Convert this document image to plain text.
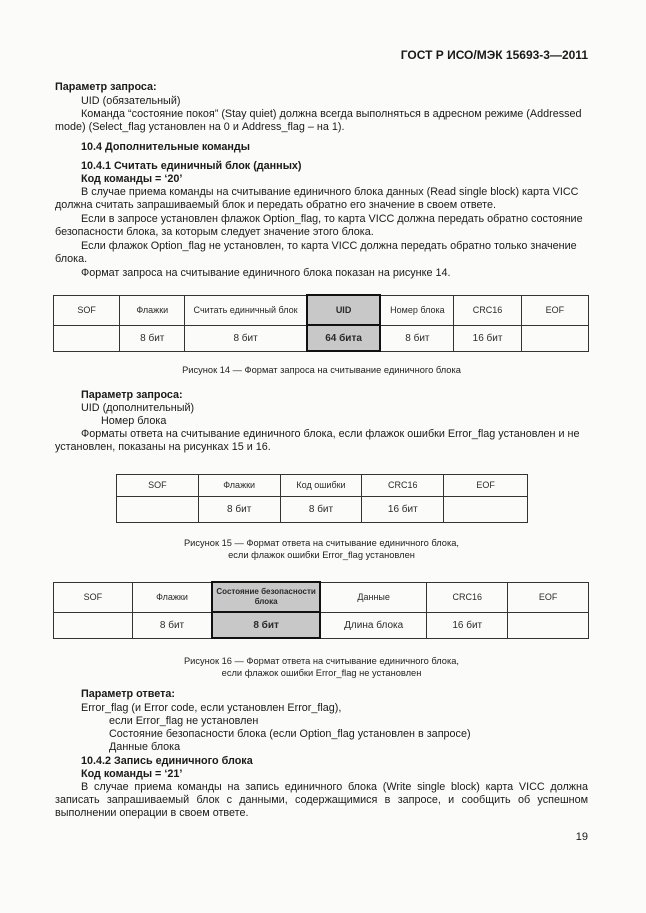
ГОСТ Р ИСО/МЭК 15693-3—2011

Параметр запроса:

UID (обязательный)

Команда “состояние покоя” (Stay quiet) должна всегда выполняться в адресном режиме (Addressed mode) (Select_flag установлен на 0 и Address_flag – на 1).

10.4 Дополнительные команды

10.4.1 Считать единичный блок (данных)

Код команды = ‘20’

В случае приема команды на считывание единичного блока данных (Read single block) карта VICC должна считать запрашиваемый блок и передать обратно его значение в своем ответе.

Если в запросе установлен флажок Option_flag, то карта VICC должна передать обратно состояние безопасности блока, за которым следует значение этого блока.

Если флажок Option_flag не установлен, то карта VICC должна передать обратно только значение блока.

Формат запроса на считывание единичного блока показан на рисунке 14.

SOF	Флажки	Считать единичный блок	UID	Номер блока	CRC16	EOF
	8 бит	8 бит	64 бита	8 бит	16 бит	
Рисунок 14 — Формат запроса на считывание единичного блока

Параметр запроса:

UID (дополнительный)

Номер блока

Форматы ответа на считывание единичного блока, если флажок ошибки Error_flag установлен и не установлен, показаны на рисунках 15 и 16.

SOF	Флажки	Код ошибки	CRC16	EOF
	8 бит	8 бит	16 бит	
Рисунок 15 — Формат ответа на считывание единичного блока,
если флажок ошибки Error_flag установлен
SOF	Флажки	Состояние безопасности блока	Данные	CRC16	EOF
	8 бит	8 бит	Длина блока	16 бит	
Рисунок 16 — Формат ответа на считывание единичного блока,
если флажок ошибки Error_flag не установлен

Параметр ответа:

Error_flag (и Error code, если установлен Error_flag),

если Error_flag не установлен

Состояние безопасности блока (если Option_flag установлен в запросе)

Данные блока

10.4.2 Запись единичного блока

Код команды = ‘21’

В случае приема команды на запись единичного блока (Write single block) карта VICC должна записать запрашиваемый блок с данными, содержащимися в запросе, и сообщить об успешном выполнении операции в своем ответе.

19
